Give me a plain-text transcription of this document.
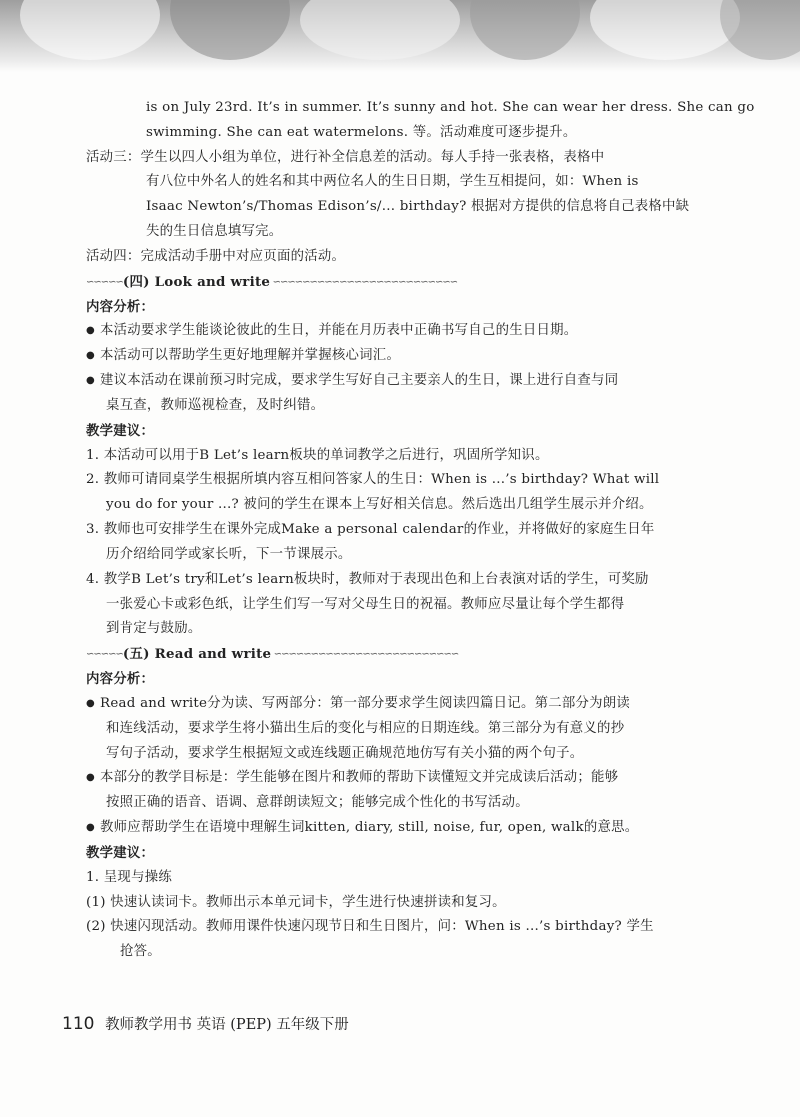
is on July 23rd. It’s in summer. It’s sunny and hot. She can wear her dress. She can go
swimming. She can eat watermelons. 等。活动难度可逐步提升。
活动三：学生以四人小组为单位，进行补全信息差的活动。每人手持一张表格，表格中
有八位中外名人的姓名和其中两位名人的生日日期，学生互相提问，如：When is
Isaac Newton’s/Thomas Edison’s/... birthday? 根据对方提供的信息将自己表格中缺
失的生日信息填写完。
活动四：完成活动手册中对应页面的活动。
∽∽∽∽∽(四) Look and write ∽∽∽∽∽∽∽∽∽∽∽∽∽∽∽∽∽∽∽∽∽∽∽∽∽
内容分析：
● 本活动要求学生能谈论彼此的生日，并能在月历表中正确书写自己的生日日期。
● 本活动可以帮助学生更好地理解并掌握核心词汇。
● 建议本活动在课前预习时完成，要求学生写好自己主要亲人的生日，课上进行自查与同
桌互查，教师巡视检查，及时纠错。
教学建议：
1. 本活动可以用于B Let’s learn板块的单词教学之后进行，巩固所学知识。
2. 教师可请同桌学生根据所填内容互相问答家人的生日：When is ...’s birthday? What will
you do for your ...? 被问的学生在课本上写好相关信息。然后选出几组学生展示并介绍。
3. 教师也可安排学生在课外完成Make a personal calendar的作业，并将做好的家庭生日年
历介绍给同学或家长听，下一节课展示。
4. 教学B Let’s try和Let’s learn板块时，教师对于表现出色和上台表演对话的学生，可奖励
一张爱心卡或彩色纸，让学生们写一写对父母生日的祝福。教师应尽量让每个学生都得
到肯定与鼓励。
∽∽∽∽∽(五) Read and write ∽∽∽∽∽∽∽∽∽∽∽∽∽∽∽∽∽∽∽∽∽∽∽∽∽
内容分析：
● Read and write分为读、写两部分：第一部分要求学生阅读四篇日记。第二部分为朗读
和连线活动，要求学生将小猫出生后的变化与相应的日期连线。第三部分为有意义的抄
写句子活动，要求学生根据短文或连线题正确规范地仿写有关小猫的两个句子。
● 本部分的教学目标是：学生能够在图片和教师的帮助下读懂短文并完成读后活动；能够
按照正确的语音、语调、意群朗读短文；能够完成个性化的书写活动。
● 教师应帮助学生在语境中理解生词kitten, diary, still, noise, fur, open, walk的意思。
教学建议：
1. 呈现与操练
(1) 快速认读词卡。教师出示本单元词卡，学生进行快速拼读和复习。
(2) 快速闪现活动。教师用课件快速闪现节日和生日图片，问：When is ...’s birthday? 学生
抢答。
110 教师教学用书 英语 (PEP) 五年级下册
